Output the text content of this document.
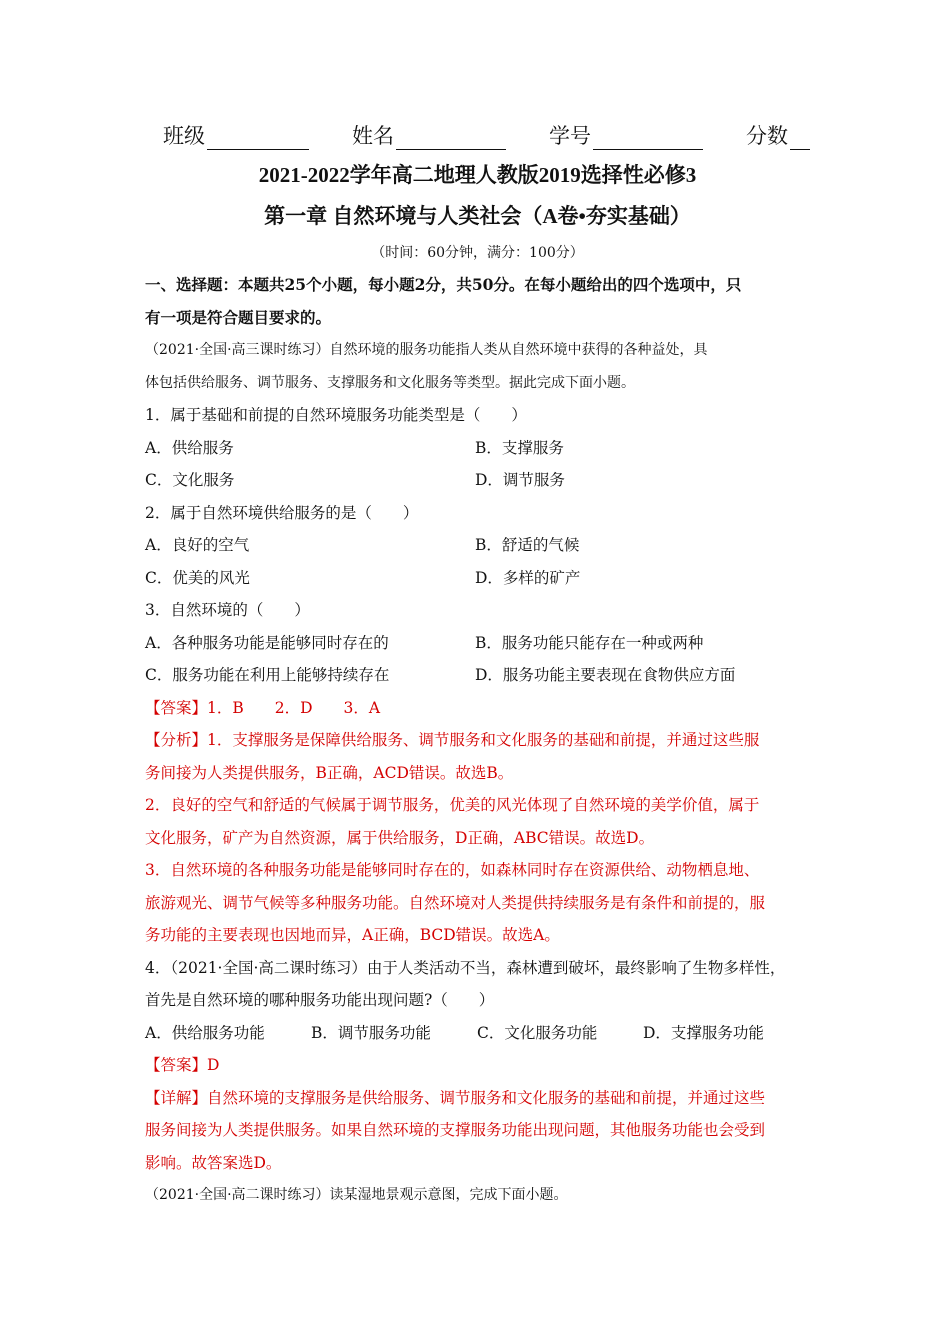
班级	姓名	学号	分数
2021-2022学年高二地理人教版2019选择性必修3
第一章 自然环境与人类社会（A卷•夯实基础）
（时间：60分钟，满分：100分）
一、选择题：本题共25个小题，每小题2分，共50分。在每小题给出的四个选项中，只
有一项是符合题目要求的。
（2021·全国·高三课时练习）自然环境的服务功能指人类从自然环境中获得的各种益处，具
体包括供给服务、调节服务、支撑服务和文化服务等类型。据此完成下面小题。
1．属于基础和前提的自然环境服务功能类型是（　　）
A．供给服务	B．支撑服务
C．文化服务	D．调节服务
2．属于自然环境供给服务的是（　　）
A．良好的空气	B．舒适的气候
C．优美的风光	D．多样的矿产
3．自然环境的（　　）
A．各种服务功能是能够同时存在的	B．服务功能只能存在一种或两种
C．服务功能在利用上能够持续存在	D．服务功能主要表现在食物供应方面
【答案】1．B　　2．D　　3．A
【分析】1．支撑服务是保障供给服务、调节服务和文化服务的基础和前提，并通过这些服
务间接为人类提供服务，B正确，ACD错误。故选B。
2．良好的空气和舒适的气候属于调节服务，优美的风光体现了自然环境的美学价值，属于
文化服务，矿产为自然资源，属于供给服务，D正确，ABC错误。故选D。
3．自然环境的各种服务功能是能够同时存在的，如森林同时存在资源供给、动物栖息地、
旅游观光、调节气候等多种服务功能。自然环境对人类提供持续服务是有条件和前提的，服
务功能的主要表现也因地而异，A正确，BCD错误。故选A。
4．（2021·全国·高二课时练习）由于人类活动不当，森林遭到破坏，最终影响了生物多样性，
首先是自然环境的哪种服务功能出现问题?（　　）
A．供给服务功能	B．调节服务功能	C．文化服务功能	D．支撑服务功能
【答案】D
【详解】自然环境的支撑服务是供给服务、调节服务和文化服务的基础和前提，并通过这些
服务间接为人类提供服务。如果自然环境的支撑服务功能出现问题，其他服务功能也会受到
影响。故答案选D。
（2021·全国·高二课时练习）读某湿地景观示意图，完成下面小题。
